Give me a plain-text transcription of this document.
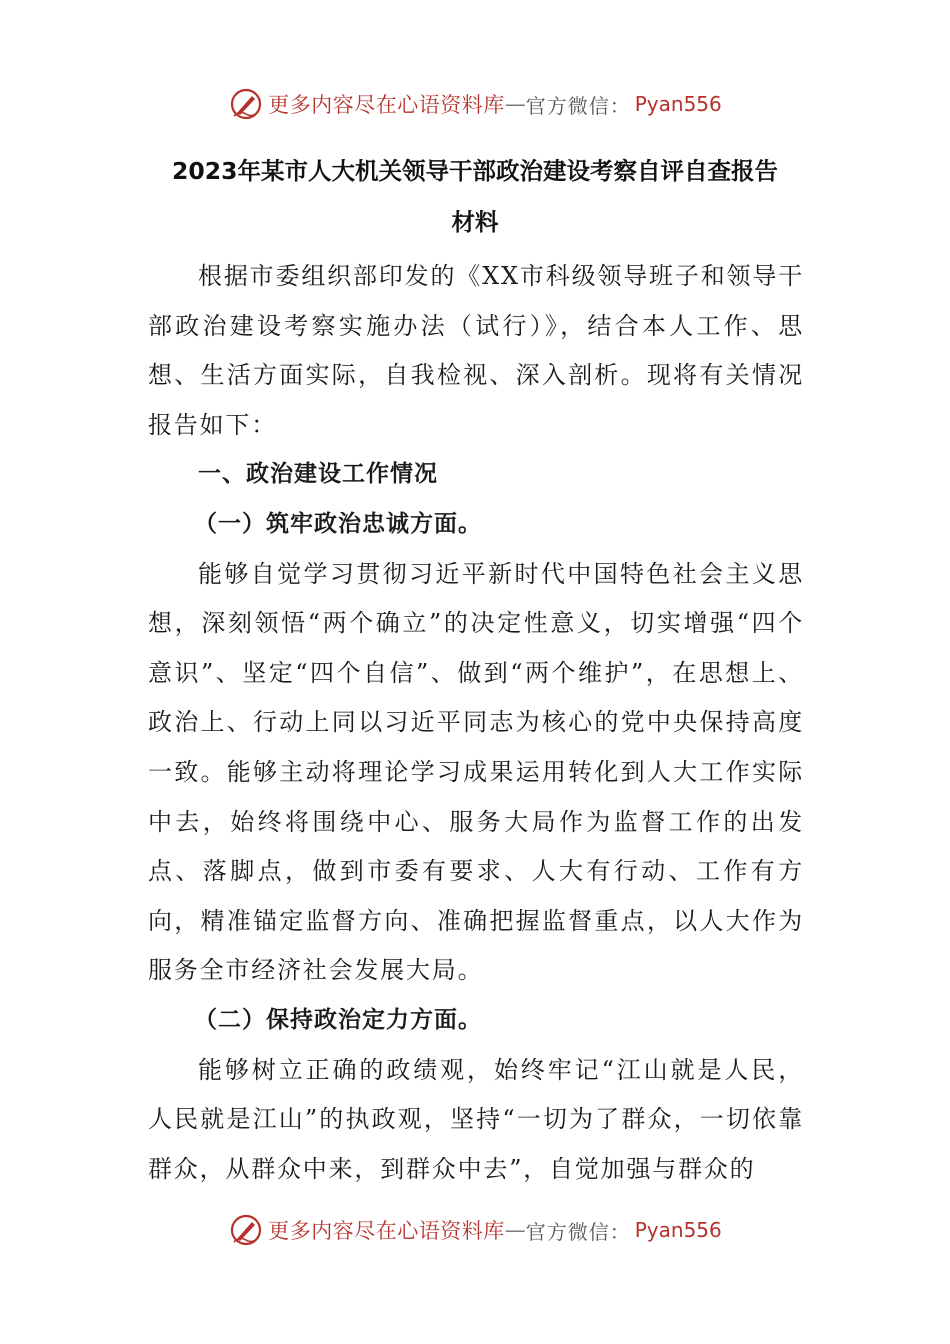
更多内容尽在心语资料库 — 官方微信： Pyan556
2023年某市人大机关领导干部政治建设考察自评自查报告
材料

根据市委组织部印发的《XX市科级领导班子和领导干部政治建设考察实施办法（试行）》，结合本人工作、思想、生活方面实际，自我检视、深入剖析。现将有关情况报告如下：

一、政治建设工作情况

（一）筑牢政治忠诚方面。

能够自觉学习贯彻习近平新时代中国特色社会主义思想，深刻领悟“两个确立”的决定性意义，切实增强“四个意识”、坚定“四个自信”、做到“两个维护”，在思想上、政治上、行动上同以习近平同志为核心的党中央保持高度一致。能够主动将理论学习成果运用转化到人大工作实际中去，始终将围绕中心、服务大局作为监督工作的出发点、落脚点，做到市委有要求、人大有行动、工作有方向，精准锚定监督方向、准确把握监督重点，以人大作为服务全市经济社会发展大局。

（二）保持政治定力方面。

能够树立正确的政绩观，始终牢记“江山就是人民，人民就是江山”的执政观，坚持“一切为了群众，一切依靠群众，从群众中来，到群众中去”，自觉加强与群众的

更多内容尽在心语资料库 — 官方微信： Pyan556
